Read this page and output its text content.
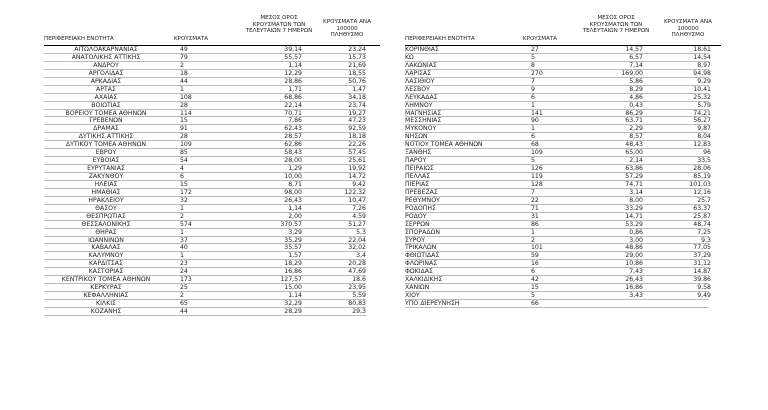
ΠΕΡΙΦΕΡΕΙΑΚΗ ΕΝΟΤΗΤΑ	ΚΡΟΥΣΜΑΤΑ
ΜΕΣΟΣ ΟΡΟΣ
ΚΡΟΥΣΜΑΤΩΝ ΤΩΝ
ΤΕΛΕΥΤΑΙΩΝ 7 ΗΜΕΡΩΝ
ΚΡΟΥΣΜΑΤΑ ΑΝΑ 100000
ΠΛΗΘΥΣΜΟ
ΑΙΤΩΛΟΑΚΑΡΝΑΝΙΑΣ	49	39,14	23,24
ΑΝΑΤΟΛΙΚΗΣ ΑΤΤΙΚΗΣ	79	55,57	15,73
ΑΝΔΡΟΥ	2	1,14	21,69
ΑΡΓΟΛΙΔΑΣ	18	12,29	18,55
ΑΡΚΑΔΙΑΣ	44	28,86	50,76
ΑΡΤΑΣ	1	1,71	1,47
ΑΧΑΪΑΣ	108	68,86	34,18
ΒΟΙΩΤΙΑΣ	28	22,14	23,74
ΒΟΡΕΙΟΥ ΤΟΜΕΑ ΑΘΗΝΩΝ	114	70,71	19,27
ΓΡΕΒΕΝΩΝ	15	7,86	47,23
ΔΡΑΜΑΣ	91	62,43	92,59
ΔΥΤΙΚΗΣ ΑΤΤΙΚΗΣ	28	28,57	18,18
ΔΥΤΙΚΟΥ ΤΟΜΕΑ ΑΘΗΝΩΝ	109	62,86	22,26
ΕΒΡΟΥ	85	58,43	57,45
ΕΥΒΟΙΑΣ	54	28,00	25,61
ΕΥΡΥΤΑΝΙΑΣ	4	1,29	19,92
ΖΑΚΥΝΘΟΥ	6	10,00	14,72
ΗΛΕΙΑΣ	15	8,71	9,42
ΗΜΑΘΙΑΣ	172	98,00	122,32
ΗΡΑΚΛΕΙΟΥ	32	26,43	10,47
ΘΑΣΟΥ	1	1,14	7,26
ΘΕΣΠΡΩΤΙΑΣ	2	2,00	4,59
ΘΕΣΣΑΛΟΝΙΚΗΣ	574	370,57	51,27
ΘΗΡΑΣ	1	3,29	5,3
ΙΩΑΝΝΙΝΩΝ	37	35,29	22,04
ΚΑΒΑΛΑΣ	40	35,57	32,02
ΚΑΛΥΜΝΟΥ	1	1,57	3,4
ΚΑΡΔΙΤΣΑΣ	23	18,29	20,28
ΚΑΣΤΟΡΙΑΣ	24	16,86	47,69
ΚΕΝΤΡΙΚΟΥ ΤΟΜΕΑ ΑΘΗΝΩΝ	173	127,57	18,6
ΚΕΡΚΥΡΑΣ	25	15,00	23,95
ΚΕΦΑΛΛΗΝΙΑΣ	2	1,14	5,59
ΚΙΛΚΙΣ	65	32,29	80,83
ΚΟΖΑΝΗΣ	44	28,29	29,3
ΠΕΡΙΦΕΡΕΙΑΚΗ ΕΝΟΤΗΤΑ	ΚΡΟΥΣΜΑΤΑ
ΜΕΣΟΣ ΟΡΟΣ
ΚΡΟΥΣΜΑΤΩΝ ΤΩΝ
ΤΕΛΕΥΤΑΙΩΝ 7 ΗΜΕΡΩΝ
ΚΡΟΥΣΜΑΤΑ ΑΝΑ 100000
ΠΛΗΘΥΣΜΟ
ΚΟΡΙΝΘΙΑΣ	27	14,57	18,61
ΚΩ	5	6,57	14,54
ΛΑΚΩΝΙΑΣ	8	7,14	8,97
ΛΑΡΙΣΑΣ	270	169,00	94,98
ΛΑΣΙΘΙΟΥ	7	5,86	9,29
ΛΕΣΒΟΥ	9	8,29	10,41
ΛΕΥΚΑΔΑΣ	6	4,86	25,32
ΛΗΜΝΟΥ	1	0,43	5,79
ΜΑΓΝΗΣΙΑΣ	141	86,29	74,21
ΜΕΣΣΗΝΙΑΣ	90	63,71	56,27
ΜΥΚΟΝΟΥ	1	2,29	9,87
ΝΗΣΩΝ	6	8,57	8,04
ΝΟΤΙΟΥ ΤΟΜΕΑ ΑΘΗΝΩΝ	68	48,43	12,83
ΞΑΝΘΗΣ	109	65,00	96
ΠΑΡΟΥ	5	2,14	33,5
ΠΕΙΡΑΙΩΣ	126	63,86	28,06
ΠΕΛΛΑΣ	119	57,29	85,19
ΠΙΕΡΙΑΣ	128	74,71	101,03
ΠΡΕΒΕΖΑΣ	7	3,14	12,16
ΡΕΘΥΜΝΟΥ	22	8,00	25,7
ΡΟΔΟΠΗΣ	71	33,29	63,37
ΡΟΔΟΥ	31	14,71	25,87
ΣΕΡΡΩΝ	86	53,29	48,74
ΣΠΟΡΑΔΩΝ	1	0,86	7,25
ΣΥΡΟΥ	2	3,00	9,3
ΤΡΙΚΑΛΩΝ	101	48,86	77,05
ΦΘΙΩΤΙΔΑΣ	59	29,00	37,29
ΦΛΩΡΙΝΑΣ	16	10,86	31,12
ΦΩΚΙΔΑΣ	6	7,43	14,87
ΧΑΛΚΙΔΙΚΗΣ	42	26,43	39,86
ΧΑΝΙΩΝ	15	16,86	9,58
ΧΙΟΥ	5	3,43	9,49
ΥΠΟ ΔΙΕΡΕΥΝΗΣΗ	66
